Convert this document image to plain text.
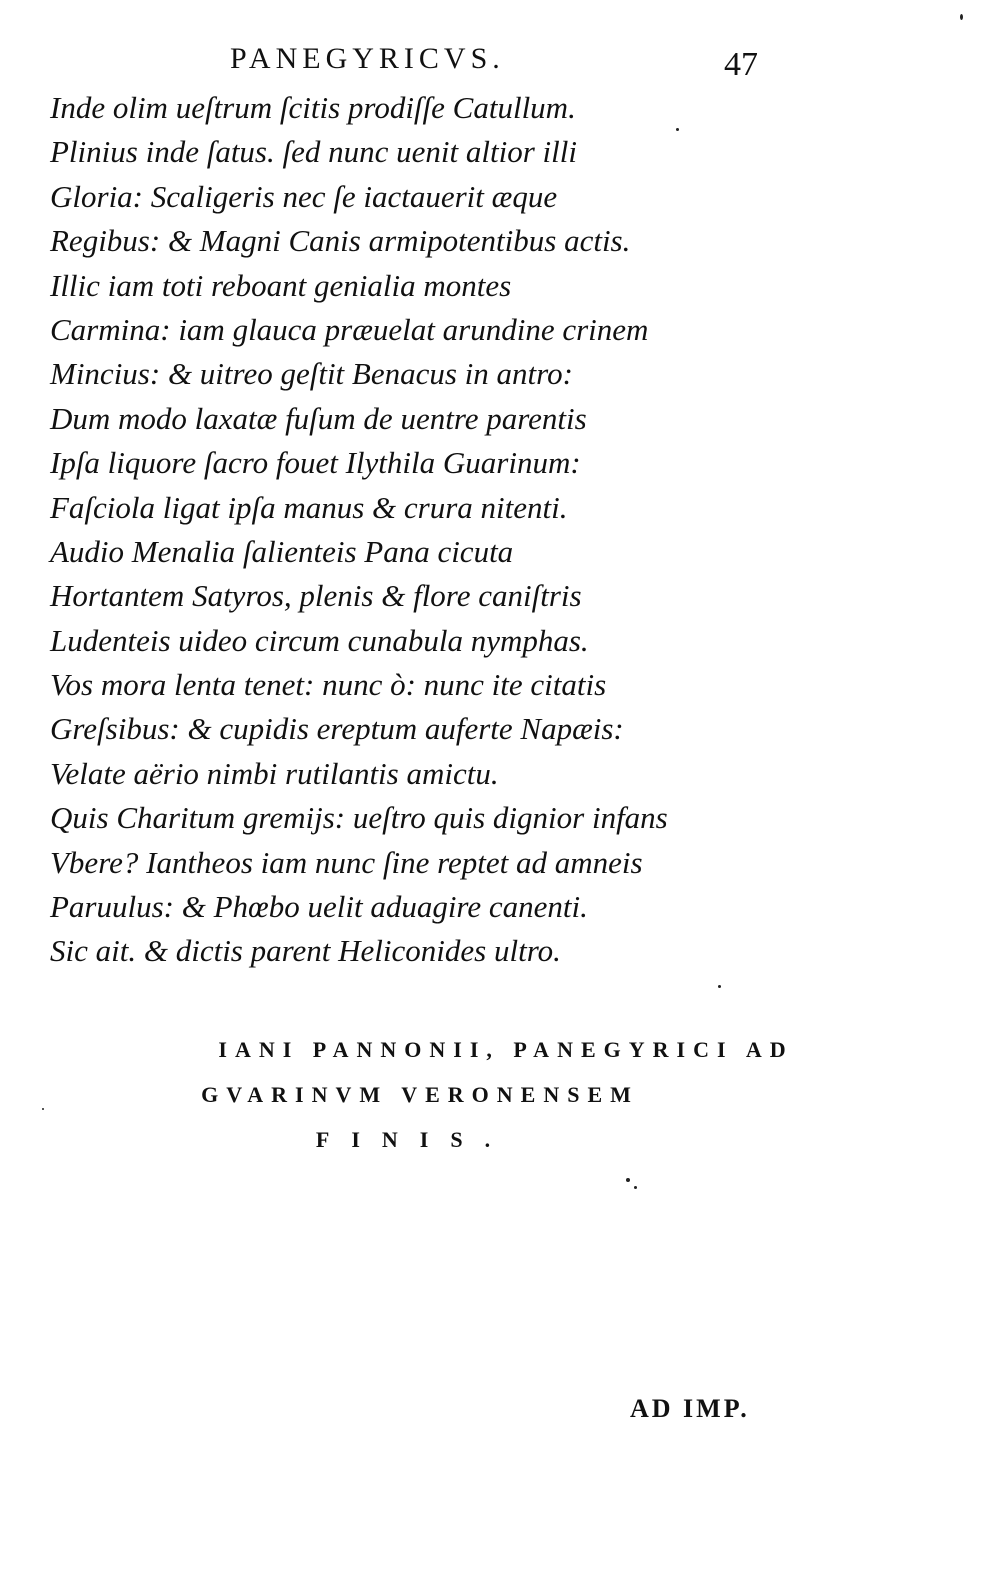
PANEGYRICVS.	47
Inde olim ueſtrum ſcitis prodiſſe Catullum.
Plinius inde ſatus. ſed nunc uenit altior illi
Gloria: Scaligeris nec ſe iactauerit æque
Regibus: & Magni Canis armipotentibus actis.
Illic iam toti reboant genialia montes
Carmina: iam glauca præuelat arundine crinem
Mincius: & uitreo geſtit Benacus in antro:
Dum modo laxatæ fuſum de uentre parentis
Ipſa liquore ſacro fouet Ilythila Guarinum:
Faſciola ligat ipſa manus & crura nitenti.
Audio Menalia ſalienteis Pana cicuta
Hortantem Satyros, plenis & flore caniſtris
Ludenteis uideo circum cunabula nymphas.
Vos mora lenta tenet: nunc ò: nunc ite citatis
Greſsibus: & cupidis ereptum auferte Napæis:
Velate aërio nimbi rutilantis amictu.
Quis Charitum gremijs: ueſtro quis dignior infans
Vbere? Iantheos iam nunc ſine reptet ad amneis
Paruulus: & Phœbo uelit aduagire canenti.
Sic ait. & dictis parent Heliconides ultro.
IANI PANNONII, PANEGYRICI AD
GVARINVM VERONENSEM
FINIS.
AD IMP.
